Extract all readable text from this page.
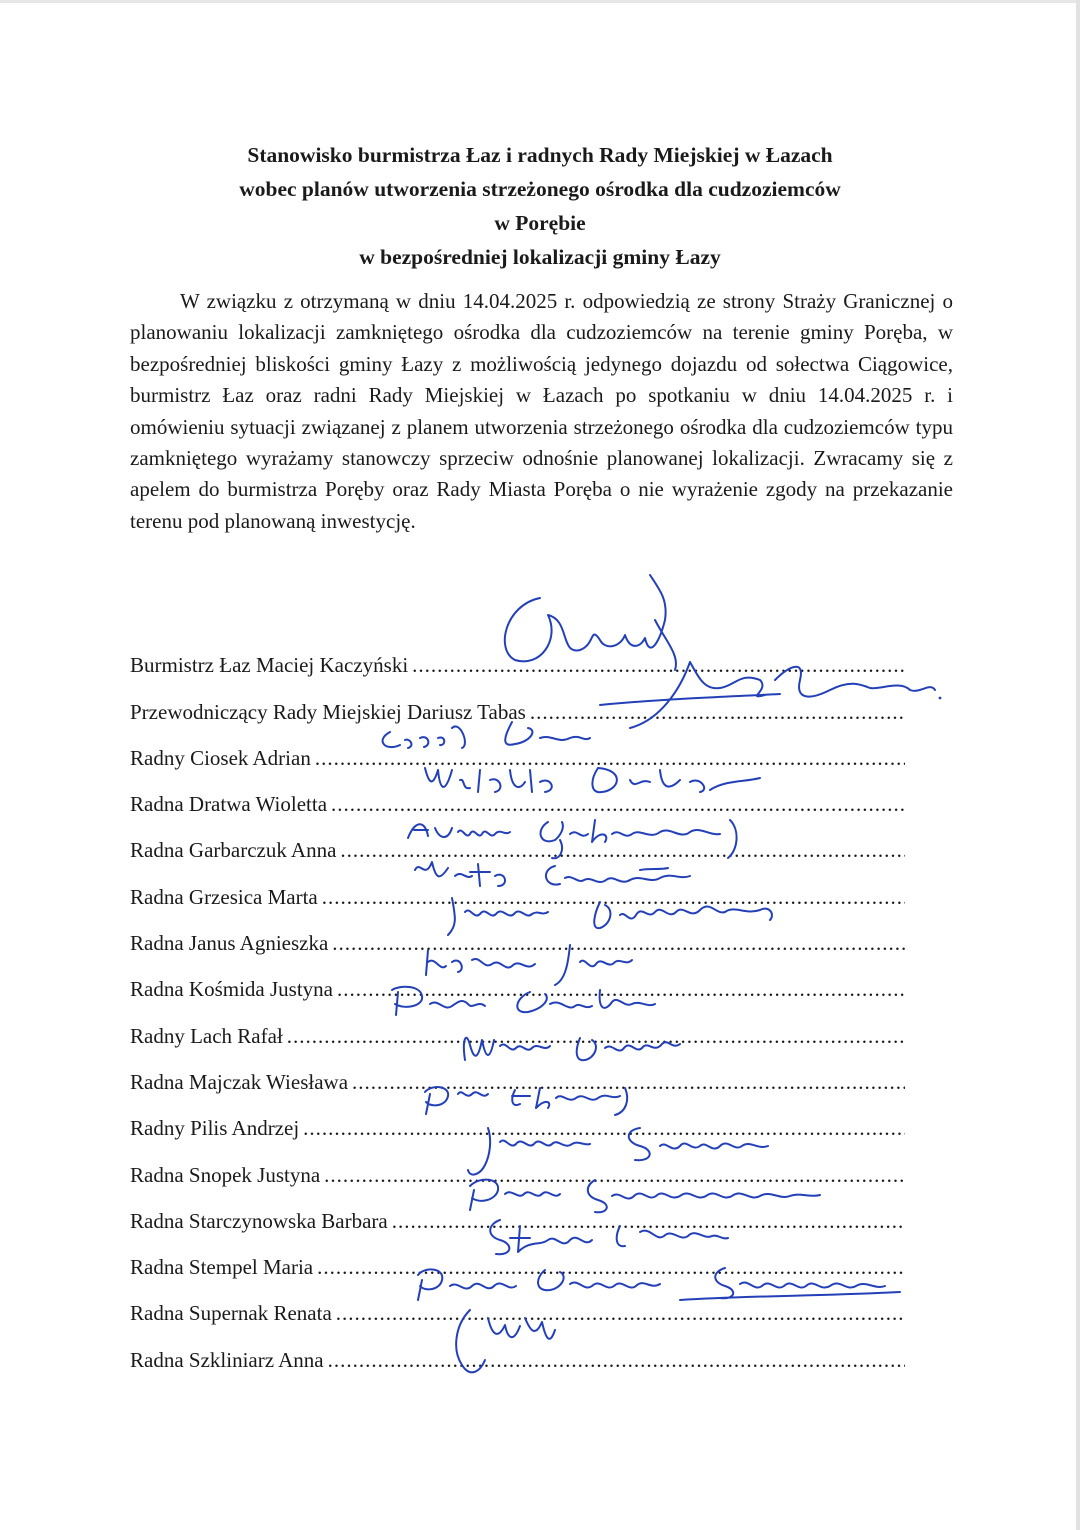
Stanowisko burmistrza Łaz i radnych Rady Miejskiej w Łazach
wobec planów utworzenia strzeżonego ośrodka dla cudzoziemców
w Porębie
w bezpośredniej lokalizacji gminy Łazy

W związku z otrzymaną w dniu 14.04.2025 r. odpowiedzią ze strony Straży Granicznej o planowaniu lokalizacji zamkniętego ośrodka dla cudzoziemców na terenie gminy Poręba, w bezpośredniej bliskości gminy Łazy z możliwością jedynego dojazdu od sołectwa Ciągowice, burmistrz Łaz oraz radni Rady Miejskiej w Łazach po spotkaniu w dniu 14.04.2025 r. i omówieniu sytuacji związanej z planem utworzenia strzeżonego ośrodka dla cudzoziemców typu zamkniętego wyrażamy stanowczy sprzeciw odnośnie planowanej lokalizacji. Zwracamy się z apelem do burmistrza Poręby oraz Rady Miasta Poręba o nie wyrażenie zgody na przekazanie terenu pod planowaną inwestycję.

Burmistrz Łaz Maciej Kaczyński
.....
Przewodniczący Rady Miejskiej Dariusz Tabas
.....
Radny Ciosek Adrian
.....
Radna Dratwa Wioletta
.....
Radna Garbarczuk Anna
.....
Radna Grzesica Marta
.....
Radna Janus Agnieszka
.....
Radna Kośmida Justyna
.....
Radny Lach Rafał
.....
Radna Majczak Wiesława
.....
Radny Pilis Andrzej
.....
Radna Snopek Justyna
.....
Radna Starczynowska Barbara
.....
Radna Stempel Maria
.....
Radna Supernak Renata
.....
Radna Szkliniarz Anna
.....
